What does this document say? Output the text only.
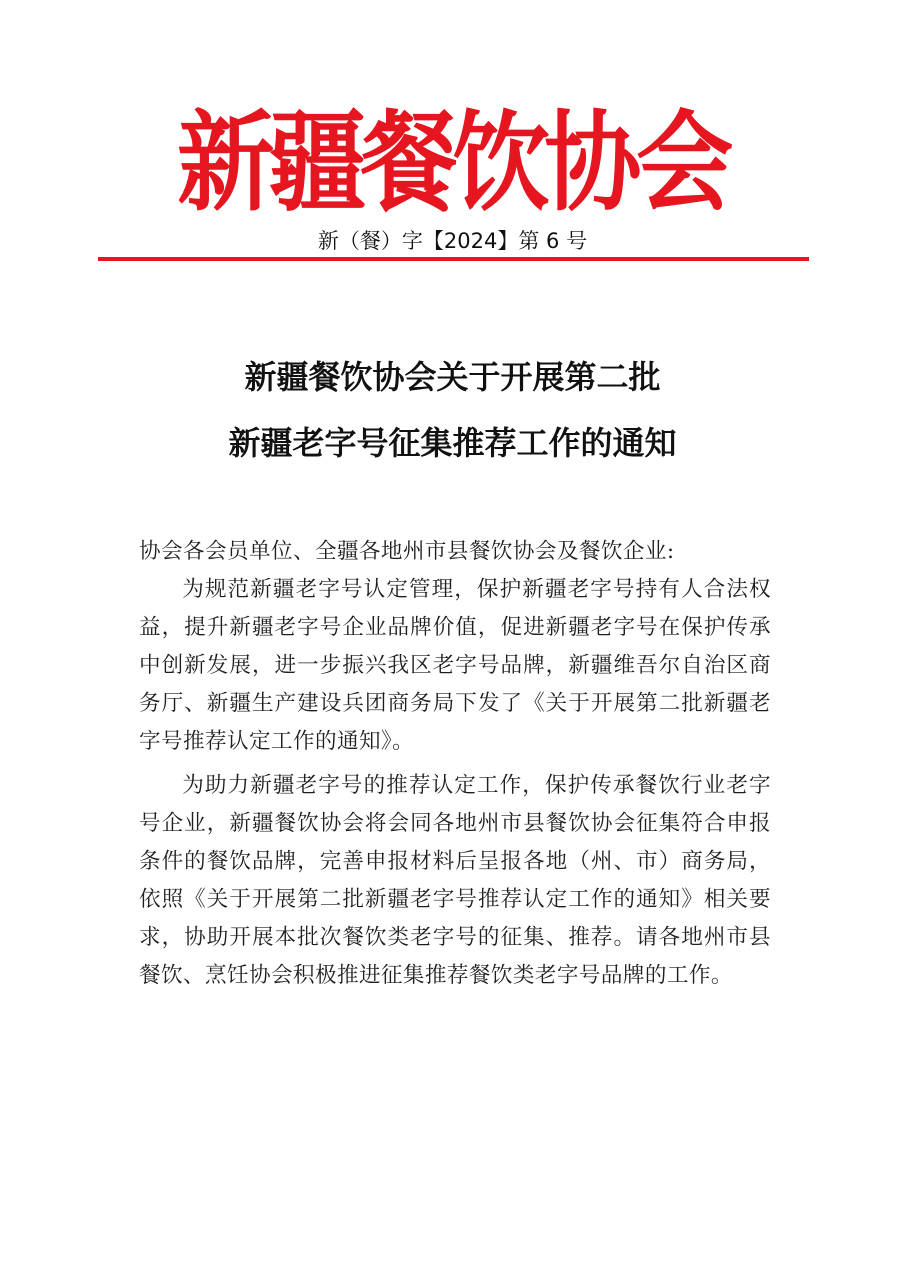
新疆餐饮协会
新（餐）字【2024】第 6 号
新疆餐饮协会关于开展第二批
新疆老字号征集推荐工作的通知

协会各会员单位、全疆各地州市县餐饮协会及餐饮企业:

为规范新疆老字号认定管理，保护新疆老字号持有人合法权益，提升新疆老字号企业品牌价值，促进新疆老字号在保护传承中创新发展，进一步振兴我区老字号品牌，新疆维吾尔自治区商务厅、新疆生产建设兵团商务局下发了《关于开展第二批新疆老字号推荐认定工作的通知》。

为助力新疆老字号的推荐认定工作，保护传承餐饮行业老字号企业，新疆餐饮协会将会同各地州市县餐饮协会征集符合申报条件的餐饮品牌，完善申报材料后呈报各地（州、市）商务局，依照《关于开展第二批新疆老字号推荐认定工作的通知》相关要求，协助开展本批次餐饮类老字号的征集、推荐。请各地州市县餐饮、烹饪协会积极推进征集推荐餐饮类老字号品牌的工作。
